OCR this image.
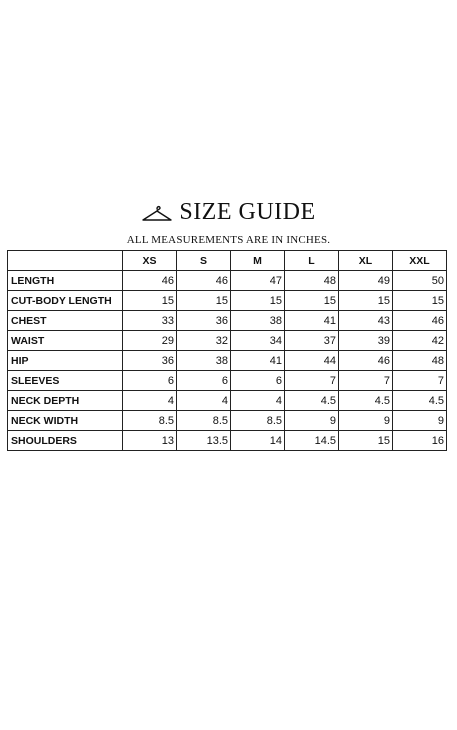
SIZE GUIDE
ALL MEASUREMENTS ARE IN INCHES.
	XS	S	M	L	XL	XXL
LENGTH	46	46	47	48	49	50
CUT-BODY LENGTH	15	15	15	15	15	15
CHEST	33	36	38	41	43	46
WAIST	29	32	34	37	39	42
HIP	36	38	41	44	46	48
SLEEVES	6	6	6	7	7	7
NECK DEPTH	4	4	4	4.5	4.5	4.5
NECK WIDTH	8.5	8.5	8.5	9	9	9
SHOULDERS	13	13.5	14	14.5	15	16
